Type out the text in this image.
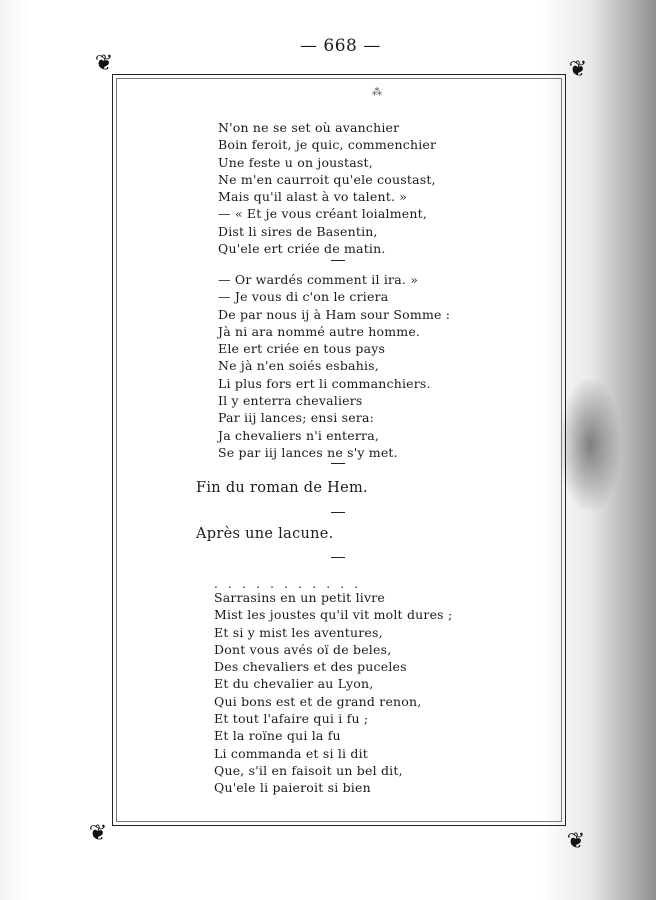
⁂
— 668 —
❦	❦
❦	❦
N'on ne se set où avanchier
Boin feroit, je quic, commenchier
Une feste u on joustast,
Ne m'en caurroit qu'ele coustast,
Mais qu'il alast à vo talent. »
— « Et je vous créant loialment,
Dist li sires de Basentin,
Qu'ele ert criée de matin.
— Or wardés comment il ira. »
— Je vous di c'on le criera
De par nous ij à Ham sour Somme :
Jà ni ara nommé autre homme.
Ele ert criée en tous pays
Ne jà n'en soiés esbahis,
Li plus fors ert li commanchiers.
Il y enterra chevaliers
Par iij lances; ensi sera:
Ja chevaliers n'i enterra,
Se par iij lances ne s'y met.
Fin du roman de Hem.
Après une lacune.
. . . . . . . . . . .
Sarrasins en un petit livre
Mist les joustes qu'il vit molt dures ;
Et si y mist les aventures,
Dont vous avés oï de beles,
Des chevaliers et des puceles
Et du chevalier au Lyon,
Qui bons est et de grand renon,
Et tout l'afaire qui i fu ;
Et la roïne qui la fu
Li commanda et si li dit
Que, s'il en faisoit un bel dit,
Qu'ele li paieroit si bien
